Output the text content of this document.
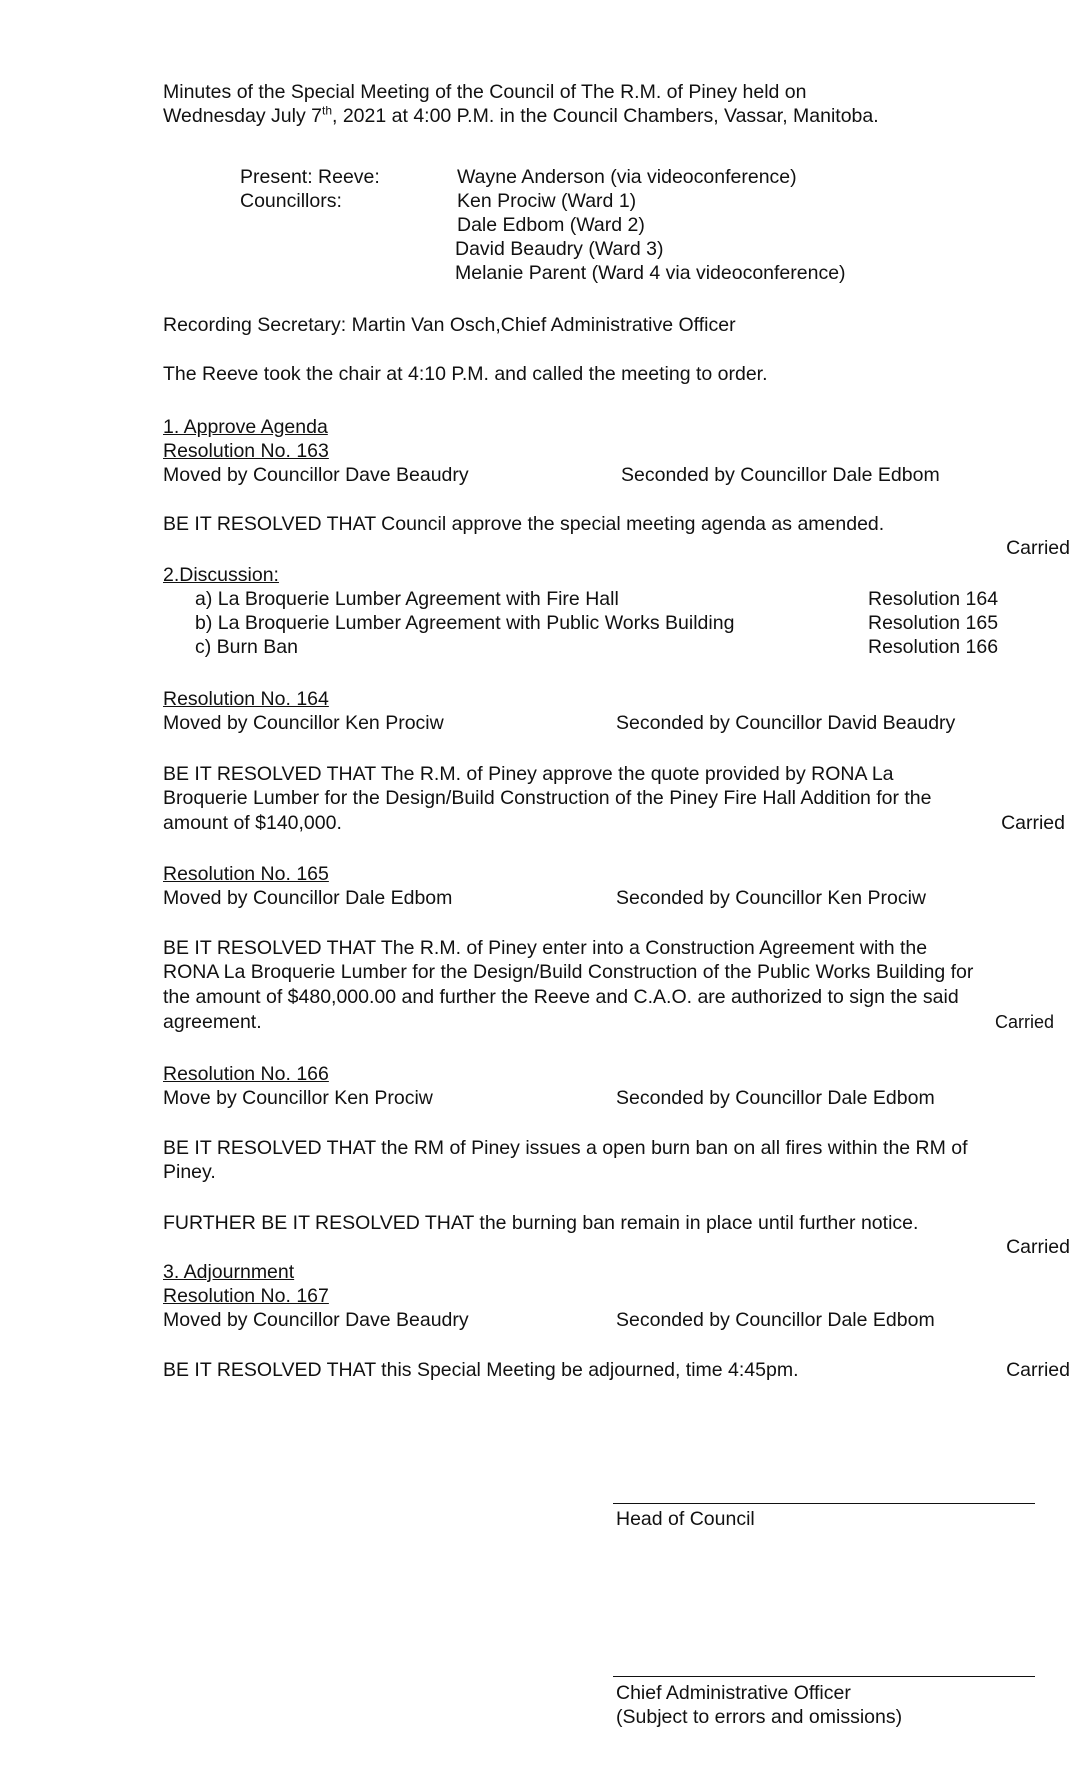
Minutes of the Special Meeting of the Council of The R.M. of Piney held on
Wednesday July 7th, 2021 at 4:00 P.M. in the Council Chambers, Vassar, Manitoba.
Present: Reeve:	Wayne Anderson (via videoconference)
Councillors:	Ken Prociw (Ward 1)
Dale Edbom (Ward 2)
David Beaudry (Ward 3)
Melanie Parent (Ward 4 via videoconference)
Recording Secretary: Martin Van Osch,Chief Administrative Officer
The Reeve took the chair at 4:10 P.M. and called the meeting to order.
1. Approve Agenda
Resolution No. 163
Moved by Councillor Dave Beaudry	Seconded by Councillor Dale Edbom
BE IT RESOLVED THAT Council approve the special meeting agenda as amended.
Carried
2.Discussion:
a) La Broquerie Lumber Agreement with Fire Hall	Resolution 164
b) La Broquerie Lumber Agreement with Public Works Building	Resolution 165
c) Burn Ban	Resolution 166
Resolution No. 164
Moved by Councillor Ken Prociw	Seconded by Councillor David Beaudry
BE IT RESOLVED THAT The R.M. of Piney approve the quote provided by RONA La
Broquerie Lumber for the Design/Build Construction of the Piney Fire Hall Addition for the
amount of $140,000.	Carried
Resolution No. 165
Moved by Councillor Dale Edbom	Seconded by Councillor Ken Prociw
BE IT RESOLVED THAT The R.M. of Piney enter into a Construction Agreement with the
RONA La Broquerie Lumber for the Design/Build Construction of the Public Works Building for
the amount of $480,000.00 and further the Reeve and C.A.O. are authorized to sign the said
agreement.	Carried
Resolution No. 166
Move by Councillor Ken Prociw	Seconded by Councillor Dale Edbom
BE IT RESOLVED THAT the RM of Piney issues a open burn ban on all fires within the RM of
Piney.
FURTHER BE IT RESOLVED THAT the burning ban remain in place until further notice.
Carried
3. Adjournment
Resolution No. 167
Moved by Councillor Dave Beaudry	Seconded by Councillor Dale Edbom
BE IT RESOLVED THAT this Special Meeting be adjourned, time 4:45pm.	Carried
Head of Council
Chief Administrative Officer
(Subject to errors and omissions)
